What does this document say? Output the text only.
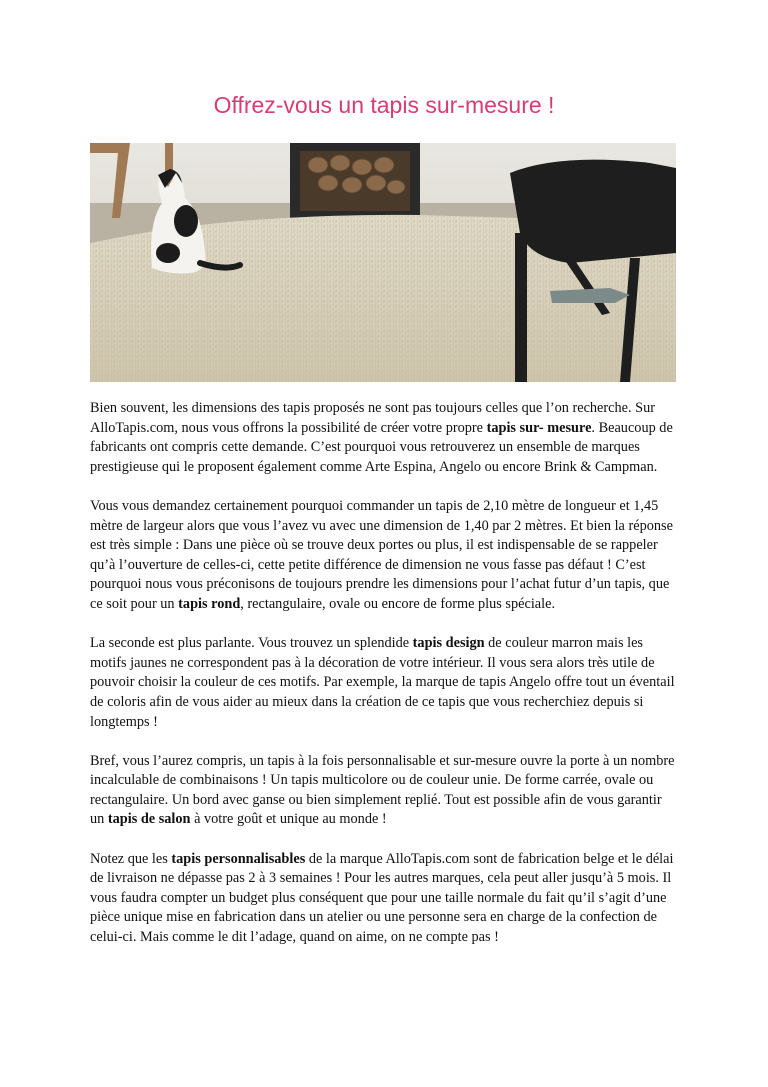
Offrez-vous un tapis sur-mesure !

Bien souvent, les dimensions des tapis proposés ne sont pas toujours celles que l’on recherche. Sur AlloTapis.com, nous vous offrons la possibilité de créer votre propre tapis sur- mesure. Beaucoup de fabricants ont compris cette demande. C’est pourquoi vous retrouverez un ensemble de marques prestigieuse qui le proposent également comme Arte Espina, Angelo ou encore Brink & Campman.

Vous vous demandez certainement pourquoi commander un tapis de 2,10 mètre de longueur et 1,45 mètre de largeur alors que vous l’avez vu avec une dimension de 1,40 par 2 mètres. Et bien la réponse est très simple : Dans une pièce où se trouve deux portes ou plus, il est indispensable de se rappeler qu’à l’ouverture de celles-ci, cette petite différence de dimension ne vous fasse pas défaut ! C’est pourquoi nous vous préconisons de toujours prendre les dimensions pour l’achat futur d’un tapis, que ce soit pour un tapis rond, rectangulaire, ovale ou encore de forme plus spéciale.

La seconde est plus parlante. Vous trouvez un splendide tapis design de couleur marron mais les motifs jaunes ne correspondent pas à la décoration de votre intérieur. Il vous sera alors très utile de pouvoir choisir la couleur de ces motifs. Par exemple, la marque de tapis Angelo offre tout un éventail de coloris afin de vous aider au mieux dans la création de ce tapis que vous recherchiez depuis si longtemps !

Bref, vous l’aurez compris, un tapis à la fois personnalisable et sur-mesure ouvre la porte à un nombre incalculable de combinaisons ! Un tapis multicolore ou de couleur unie. De forme carrée, ovale ou rectangulaire. Un bord avec ganse ou bien simplement replié. Tout est possible afin de vous garantir un tapis de salon à votre goût et unique au monde !

Notez que les tapis personnalisables de la marque AlloTapis.com sont de fabrication belge et le délai de livraison ne dépasse pas 2 à 3 semaines ! Pour les autres marques, cela peut aller jusqu’à 5 mois. Il vous faudra compter un budget plus conséquent que pour une taille normale du fait qu’il s’agit d’une pièce unique mise en fabrication dans un atelier ou une personne sera en charge de la confection de celui-ci. Mais comme le dit l’adage, quand on aime, on ne compte pas !
